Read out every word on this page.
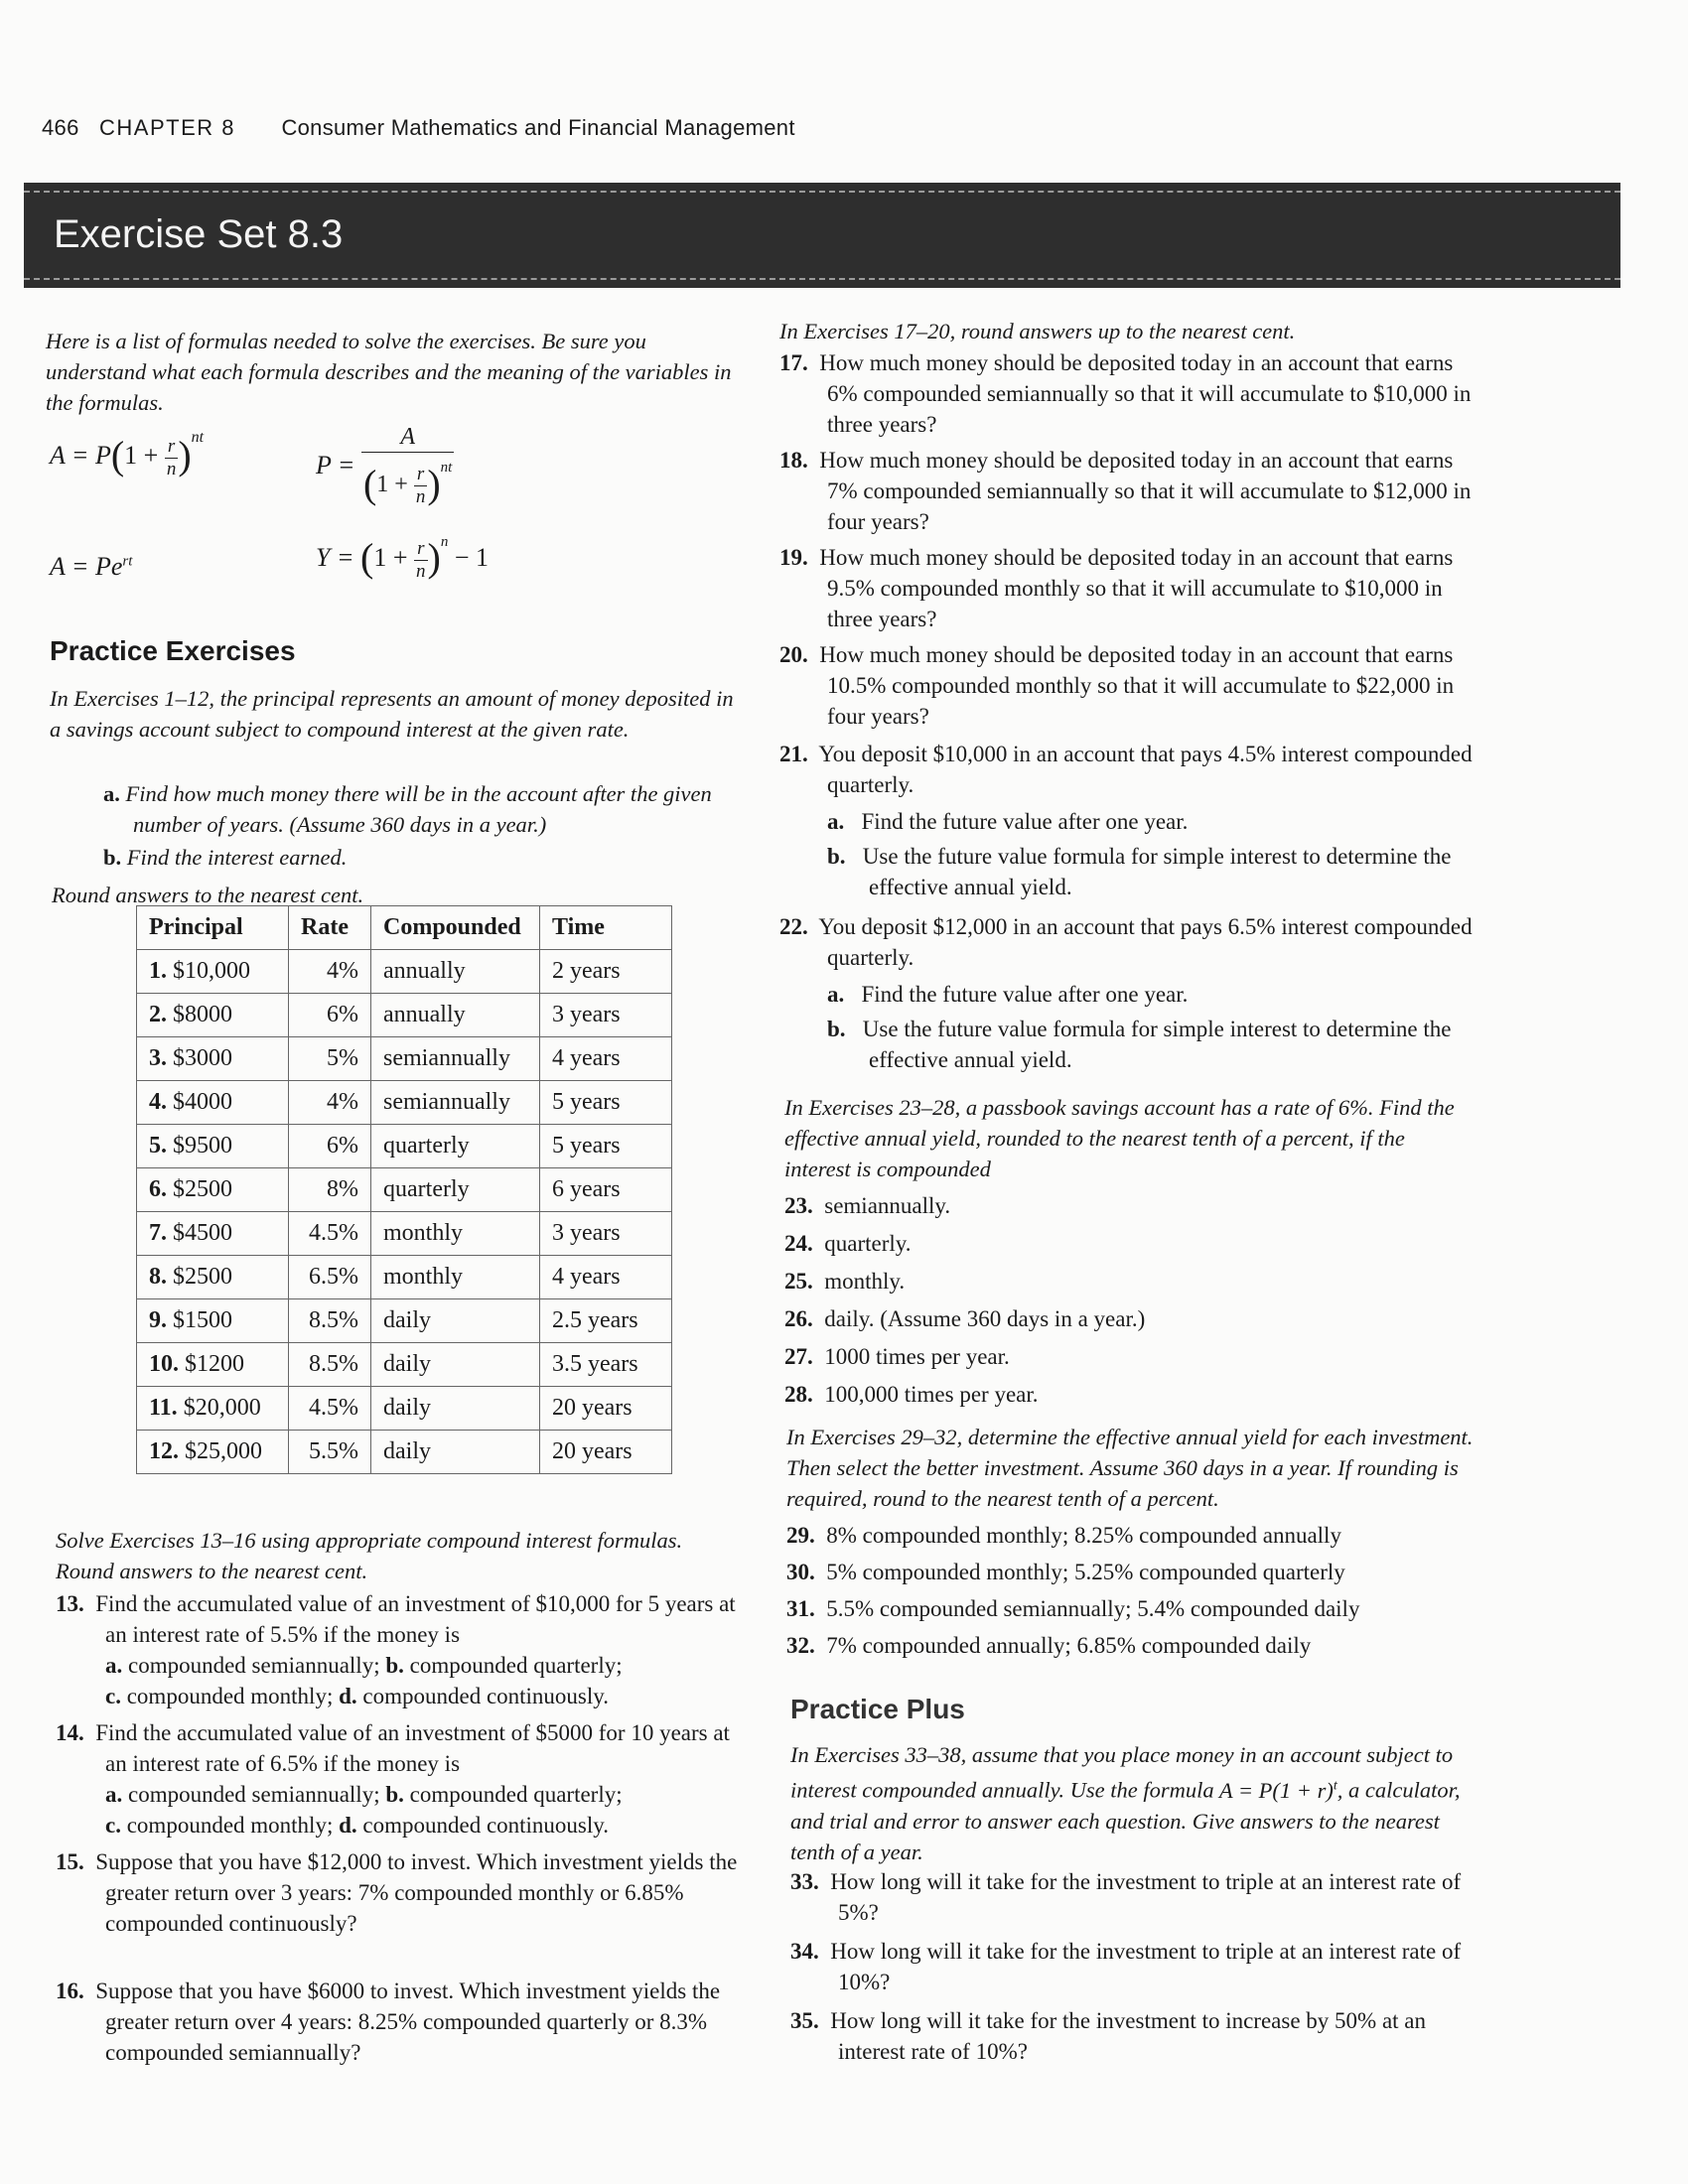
466 CHAPTER 8 Consumer Mathematics and Financial Management
Exercise Set 8.3
Here is a list of formulas needed to solve the exercises. Be sure you understand what each formula describes and the meaning of the variables in the formulas.
$A = P(1 + \frac{r}{n} )^{nt}$
$P = \frac{A}{(1 + \frac{r}{n} )^{nt}}$
$A = Pe^{rt}$	$Y = (1 + \frac{r}{n} )^n - 1$
Practice Exercises
In Exercises 1–12, the principal represents an amount of money deposited in a savings account subject to compound interest at the given rate.
a. Find how much money there will be in the account after the given number of years. (Assume 360 days in a year.)
b. Find the interest earned.
Round answers to the nearest cent.
Principal	Rate	Compounded	Time
1. $10,000	4%	annually	2 years
2. $8000	6%	annually	3 years
3. $3000	5%	semiannually	4 years
4. $4000	4%	semiannually	5 years
5. $9500	6%	quarterly	5 years
6. $2500	8%	quarterly	6 years
7. $4500	4.5%	monthly	3 years
8. $2500	6.5%	monthly	4 years
9. $1500	8.5%	daily	2.5 years
10. $1200	8.5%	daily	3.5 years
11. $20,000	4.5%	daily	20 years
12. $25,000	5.5%	daily	20 years
Solve Exercises 13–16 using appropriate compound interest formulas. Round answers to the nearest cent.
13. Find the accumulated value of an investment of $10,000 for 5 years at an interest rate of 5.5% if the money is
a. compounded semiannually; b. compounded quarterly;
c. compounded monthly; d. compounded continuously.
14. Find the accumulated value of an investment of $5000 for 10 years at an interest rate of 6.5% if the money is
a. compounded semiannually; b. compounded quarterly;
c. compounded monthly; d. compounded continuously.
15. Suppose that you have $12,000 to invest. Which investment yields the greater return over 3 years: 7% compounded monthly or 6.85% compounded continuously?
16. Suppose that you have $6000 to invest. Which investment yields the greater return over 4 years: 8.25% compounded quarterly or 8.3% compounded semiannually?
In Exercises 17–20, round answers up to the nearest cent.
17. How much money should be deposited today in an account that earns 6% compounded semiannually so that it will accumulate to $10,000 in three years?
18. How much money should be deposited today in an account that earns 7% compounded semiannually so that it will accumulate to $12,000 in four years?
19. How much money should be deposited today in an account that earns 9.5% compounded monthly so that it will accumulate to $10,000 in three years?
20. How much money should be deposited today in an account that earns 10.5% compounded monthly so that it will accumulate to $22,000 in four years?
21. You deposit $10,000 in an account that pays 4.5% interest compounded quarterly.
a. Find the future value after one year.
b. Use the future value formula for simple interest to determine the effective annual yield.
22. You deposit $12,000 in an account that pays 6.5% interest compounded quarterly.
a. Find the future value after one year.
b. Use the future value formula for simple interest to determine the effective annual yield.
In Exercises 23–28, a passbook savings account has a rate of 6%. Find the effective annual yield, rounded to the nearest tenth of a percent, if the interest is compounded
23. semiannually.
24. quarterly.
25. monthly.
26. daily. (Assume 360 days in a year.)
27. 1000 times per year.
28. 100,000 times per year.
In Exercises 29–32, determine the effective annual yield for each investment. Then select the better investment. Assume 360 days in a year. If rounding is required, round to the nearest tenth of a percent.
29. 8% compounded monthly; 8.25% compounded annually
30. 5% compounded monthly; 5.25% compounded quarterly
31. 5.5% compounded semiannually; 5.4% compounded daily
32. 7% compounded annually; 6.85% compounded daily
Practice Plus
In Exercises 33–38, assume that you place money in an account subject to interest compounded annually. Use the formula $A = P(1 + r)^t$, a calculator, and trial and error to answer each question. Give answers to the nearest tenth of a year.
33. How long will it take for the investment to triple at an interest rate of 5%?
34. How long will it take for the investment to triple at an interest rate of 10%?
35. How long will it take for the investment to increase by 50% at an interest rate of 10%?
